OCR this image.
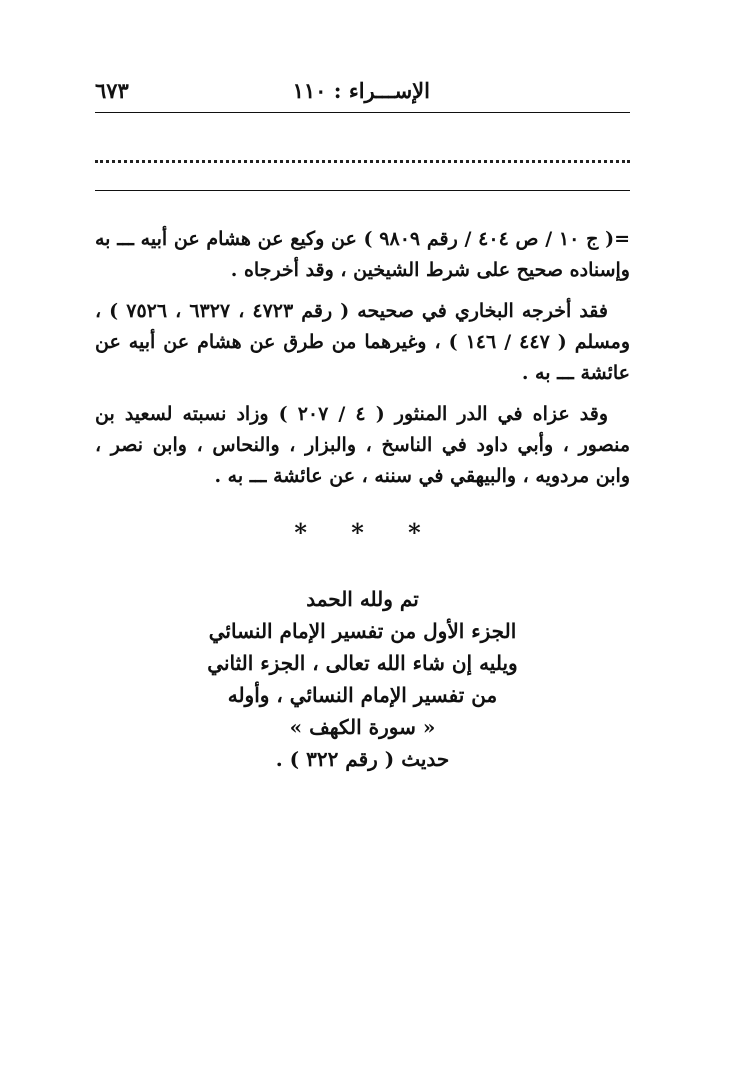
الإســـراء : ١١٠
٦٧٣

=( ج ١٠ / ص ٤٠٤ / رقم ٩٨٠٩ ) عن وكيع عن هشام عن أبيه ـــ به وإسناده صحيح على شرط الشيخين ، وقد أخرجاه .

فقد أخرجه البخاري في صحيحه ( رقم ٤٧٢٣ ، ٦٣٢٧ ، ٧٥٢٦ ) ، ومسلم ( ٤٤٧ / ١٤٦ ) ، وغيرهما من طرق عن هشام عن أبيه عن عائشة ـــ به .

وقد عزاه في الدر المنثور ( ٤ / ٢٠٧ ) وزاد نسبته لسعيد بن منصور ، وأبي داود في الناسخ ، والبزار ، والنحاس ، وابن نصر ، وابن مردويه ، والبيهقي في سننه ، عن عائشة ـــ به .

* * *
تم ولله الحمد
الجزء الأول من تفسير الإمام النسائي
ويليه إن شاء الله تعالى ، الجزء الثاني
من تفسير الإمام النسائي ، وأوله
« سورة الكهف »
حديث ( رقم ٣٢٢ ) .
